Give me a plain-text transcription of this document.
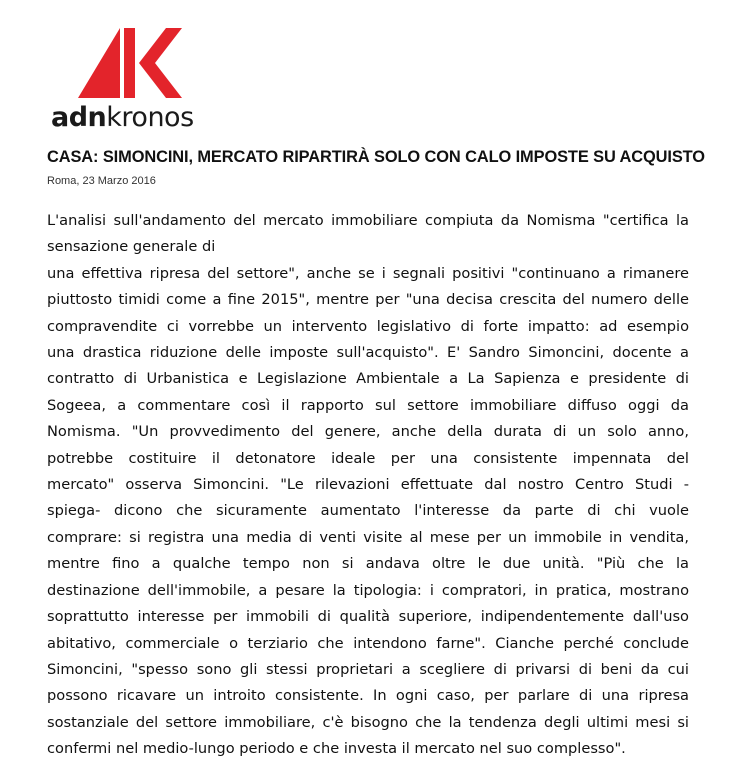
adnkronos
CASA: SIMONCINI, MERCATO RIPARTIRÀ SOLO CON CALO IMPOSTE SU ACQUISTO
Roma, 23 Marzo 2016
L'analisi sull'andamento del mercato immobiliare compiuta da Nomisma "certifica la
sensazione generale di
una effettiva ripresa del settore", anche se i segnali positivi "continuano a rimanere
piuttosto timidi come a fine 2015", mentre per "una decisa crescita del numero delle
compravendite ci vorrebbe un intervento legislativo di forte impatto: ad esempio
una drastica riduzione delle imposte sull'acquisto". E' Sandro Simoncini, docente a
contratto di Urbanistica e Legislazione Ambientale a La Sapienza e presidente di
Sogeea, a commentare così il rapporto sul settore immobiliare diffuso oggi da
Nomisma. "Un provvedimento del genere, anche della durata di un solo anno,
potrebbe costituire il detonatore ideale per una consistente impennata del
mercato" osserva Simoncini. "Le rilevazioni effettuate dal nostro Centro Studi -
spiega- dicono che sicuramente aumentato l'interesse da parte di chi vuole
comprare: si registra una media di venti visite al mese per un immobile in vendita,
mentre fino a qualche tempo non si andava oltre le due unità. "Più che la
destinazione dell'immobile, a pesare la tipologia: i compratori, in pratica, mostrano
soprattutto interesse per immobili di qualità superiore, indipendentemente dall'uso
abitativo, commerciale o terziario che intendono farne". Cianche perché conclude
Simoncini, "spesso sono gli stessi proprietari a scegliere di privarsi di beni da cui
possono ricavare un introito consistente. In ogni caso, per parlare di una ripresa
sostanziale del settore immobiliare, c'è bisogno che la tendenza degli ultimi mesi si
confermi nel medio-lungo periodo e che investa il mercato nel suo complesso".
